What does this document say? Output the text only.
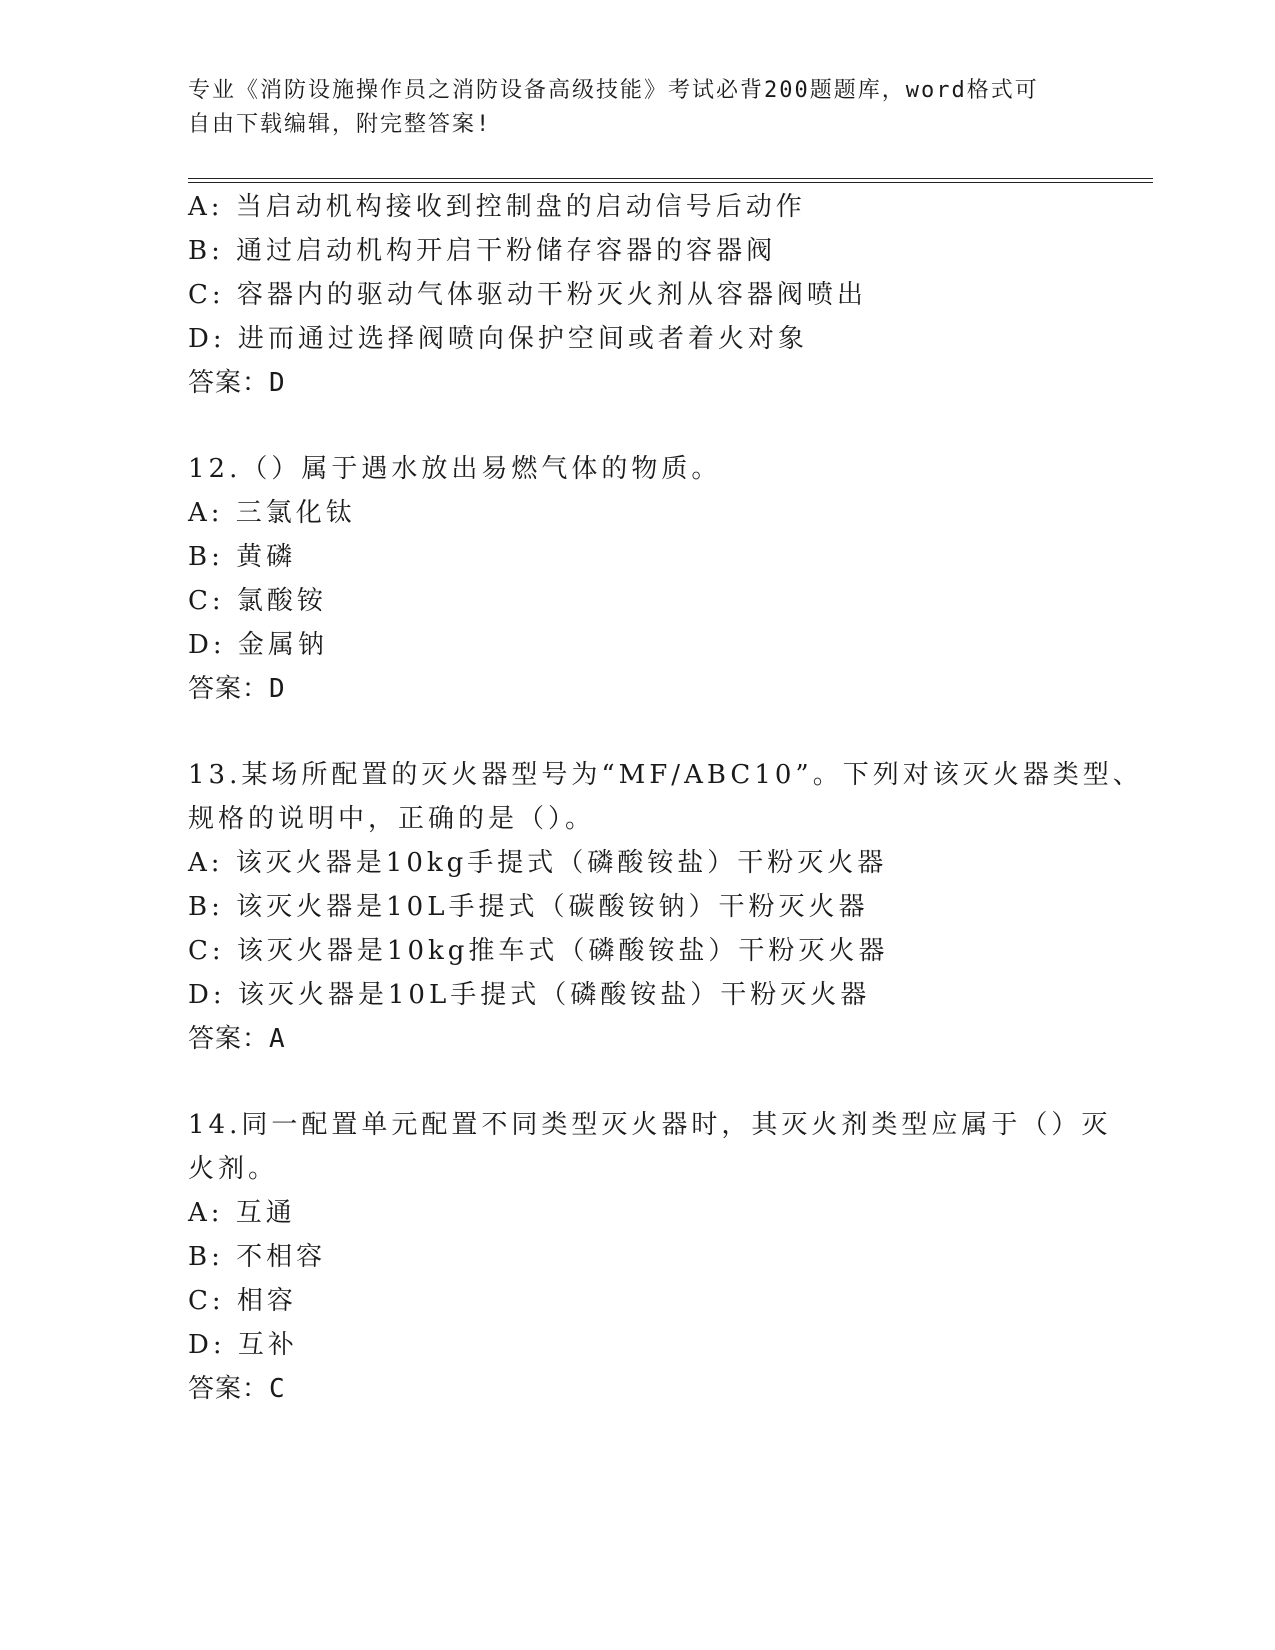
专业《消防设施操作员之消防设备高级技能》考试必背200题题库，word格式可
自由下载编辑，附完整答案!
A: 当启动机构接收到控制盘的启动信号后动作
B: 通过启动机构开启干粉储存容器的容器阀
C: 容器内的驱动气体驱动干粉灭火剂从容器阀喷出
D: 进而通过选择阀喷向保护空间或者着火对象
答案：D
12.（）属于遇水放出易燃气体的物质。
A: 三氯化钛
B: 黄磷
C: 氯酸铵
D: 金属钠
答案：D
13.某场所配置的灭火器型号为“MF/ABC10”。下列对该灭火器类型、
规格的说明中，正确的是（）。
A: 该灭火器是10kg手提式（磷酸铵盐）干粉灭火器
B: 该灭火器是10L手提式（碳酸铵钠）干粉灭火器
C: 该灭火器是10kg推车式（磷酸铵盐）干粉灭火器
D: 该灭火器是10L手提式（磷酸铵盐）干粉灭火器
答案：A
14.同一配置单元配置不同类型灭火器时，其灭火剂类型应属于（）灭
火剂。
A: 互通
B: 不相容
C: 相容
D: 互补
答案：C
